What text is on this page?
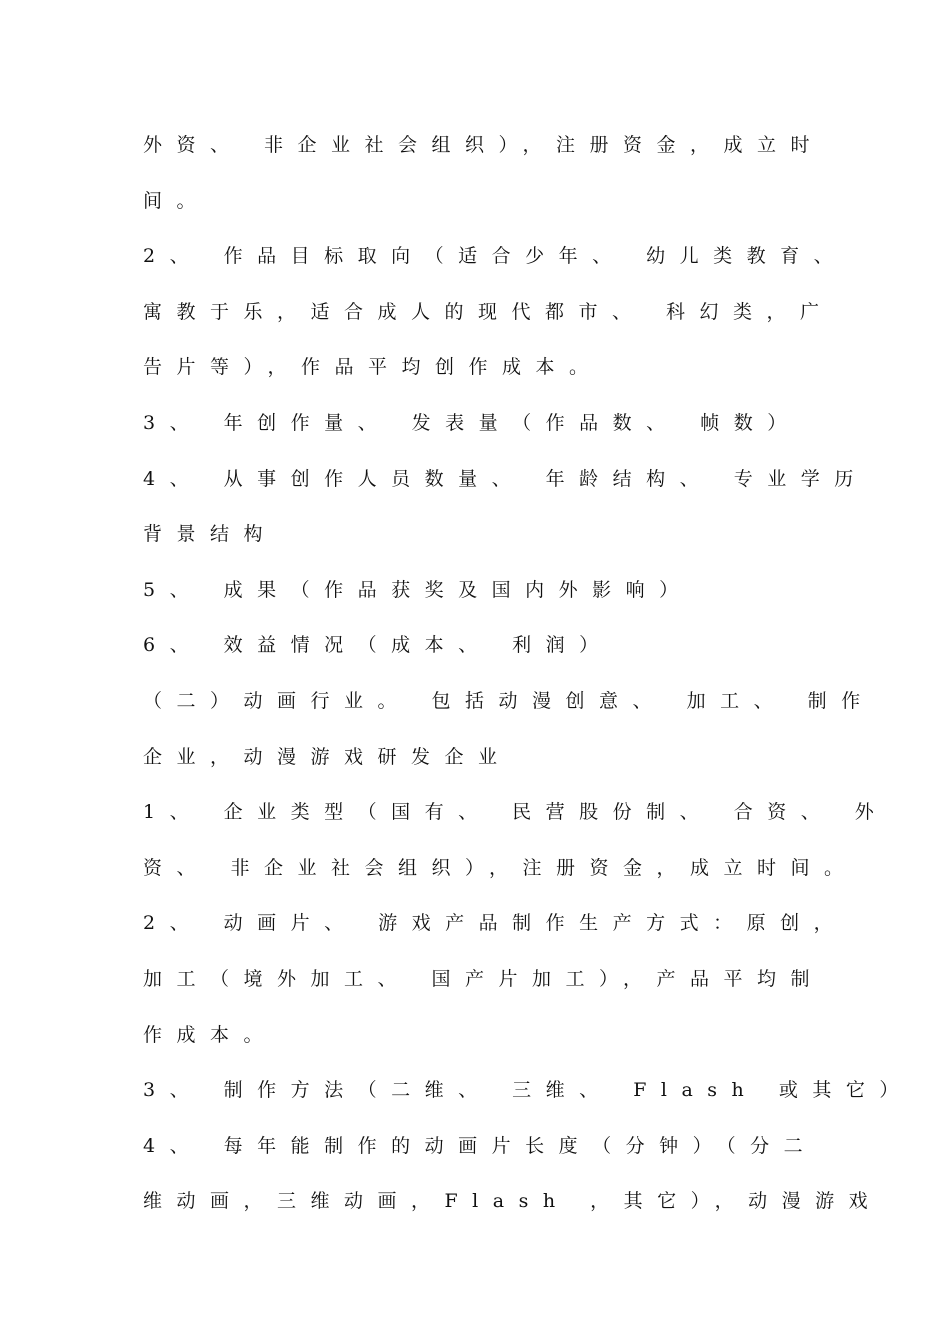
外资、 非企业社会组织），注册资金，成立时
间。
2、 作品目标取向（适合少年、 幼儿类教育、
寓教于乐，适合成人的现代都市、 科幻类，广
告片等），作品平均创作成本。
3、 年创作量、 发表量（作品数、 帧数）
4、 从事创作人员数量、 年龄结构、 专业学历
背景结构
5、 成果（作品获奖及国内外影响）
6、 效益情况（成本、 利润）
（二）动画行业。 包括动漫创意、 加工、 制作
企业，动漫游戏研发企业
1、 企业类型（国有、 民营股份制、 合资、 外
资、 非企业社会组织），注册资金，成立时间。
2、 动画片、 游戏产品制作生产方式：原创，
加工（境外加工、 国产片加工），产品平均制
作成本。
3、 制作方法（二维、 三维、 Flash 或其它）
4、 每年能制作的动画片长度（分钟）（分二
维动画，三维动画，Flash ，其它），动漫游戏
